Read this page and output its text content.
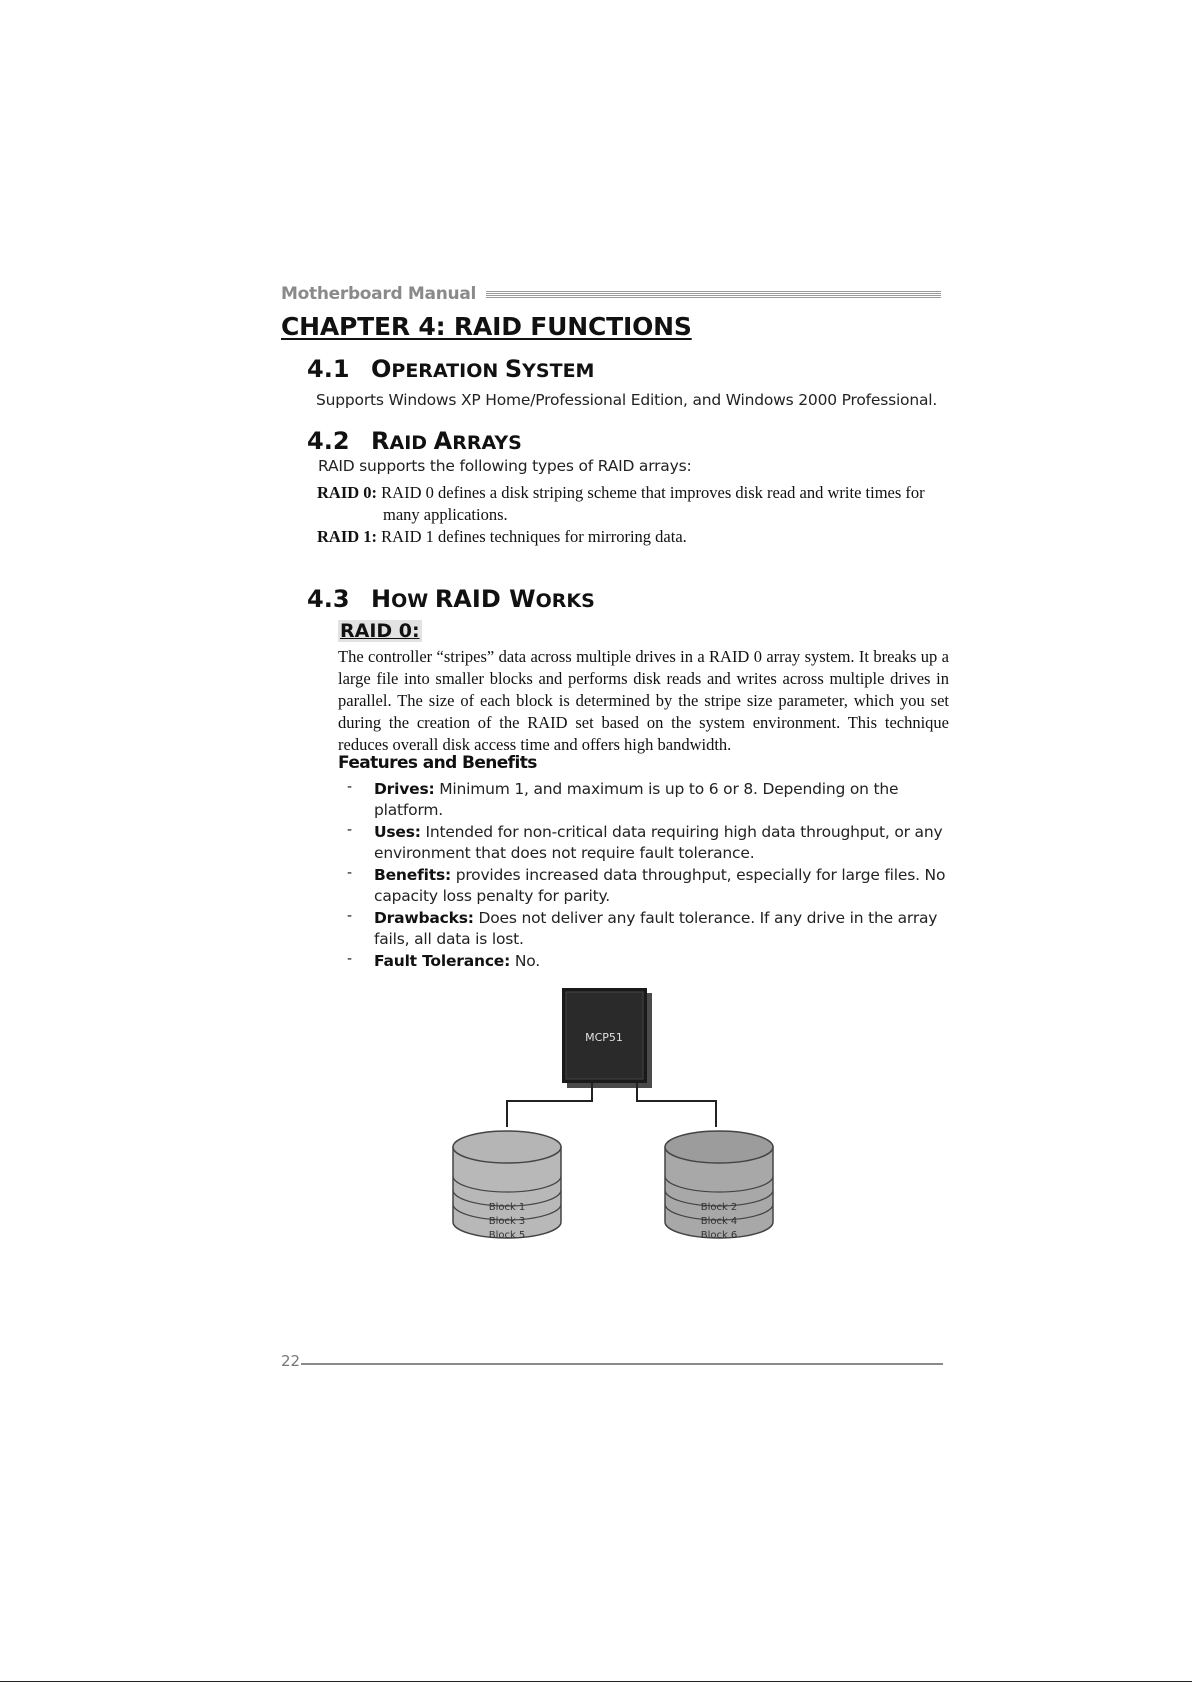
Motherboard Manual
CHAPTER 4: RAID FUNCTIONS
4.1 OPERATION SYSTEM
Supports Windows XP Home/Professional Edition, and Windows 2000 Professional.
4.2 RAID ARRAYS
RAID supports the following types of RAID arrays:
RAID 0: RAID 0 defines a disk striping scheme that improves disk read and write times for
many applications.
RAID 1: RAID 1 defines techniques for mirroring data.
4.3 HOW RAID WORKS
RAID 0:
The controller “stripes” data across multiple drives in a RAID 0 array system. It breaks up a large file into smaller blocks and performs disk reads and writes across multiple drives in parallel. The size of each block is determined by the stripe size parameter, which you set during the creation of the RAID set based on the system environment. This technique reduces overall disk access time and offers high bandwidth.
Features and Benefits
- Drives: Minimum 1, and maximum is up to 6 or 8. Depending on the platform.
- Uses: Intended for non-critical data requiring high data throughput, or any environment that does not require fault tolerance.
- Benefits: provides increased data throughput, especially for large files. No capacity loss penalty for parity.
- Drawbacks: Does not deliver any fault tolerance. If any drive in the array fails, all data is lost.
- Fault Tolerance: No.
MCP51
Block 1
Block 3
Block 5
Block 2
Block 4
Block 6
22
